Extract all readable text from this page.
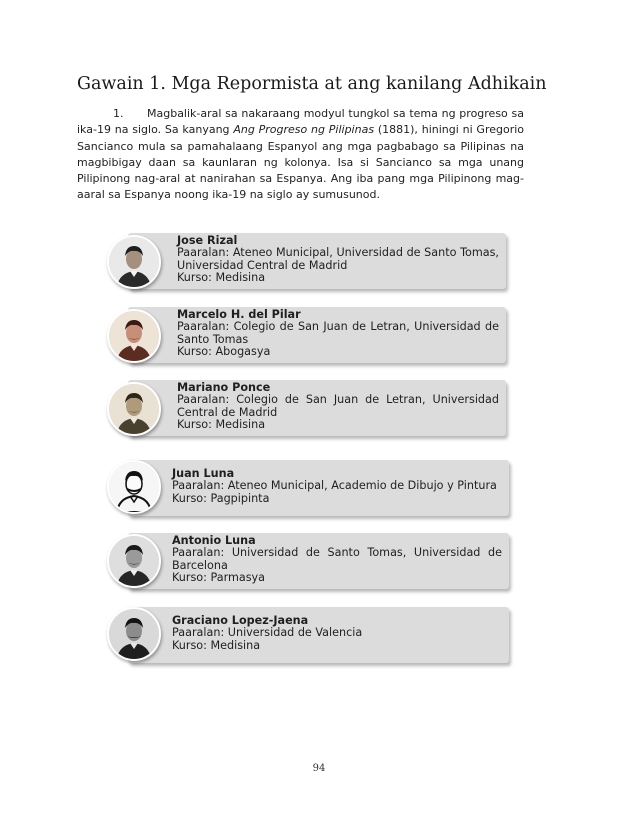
Gawain 1. Mga Repormista at ang kanilang Adhikain
1. Magbalik-aral sa nakaraang modyul tungkol sa tema ng progreso sa ika-19 na siglo. Sa kanyang Ang Progreso ng Pilipinas (1881), hiningi ni Gregorio Sancianco mula sa pamahalaang Espanyol ang mga pagbabago sa Pilipinas na magbibigay daan sa kaunlaran ng kolonya. Isa si Sancianco sa mga unang Pilipinong nag-aral at nanirahan sa Espanya. Ang iba pang mga Pilipinong mag-aaral sa Espanya noong ika-19 na siglo ay sumusunod.
Jose Rizal
Paaralan: Ateneo Municipal, Universidad de Santo Tomas, Universidad Central de Madrid
Kurso: Medisina
Marcelo H. del Pilar
Paaralan: Colegio de San Juan de Letran, Universidad de Santo Tomas
Kurso: Abogasya
Mariano Ponce
Paaralan: Colegio de San Juan de Letran, Universidad Central de Madrid
Kurso: Medisina
Juan Luna
Paaralan: Ateneo Municipal, Academio de Dibujo y Pintura
Kurso: Pagpipinta
Antonio Luna
Paaralan: Universidad de Santo Tomas, Universidad de Barcelona
Kurso: Parmasya
Graciano Lopez-Jaena
Paaralan: Universidad de Valencia
Kurso: Medisina
94
